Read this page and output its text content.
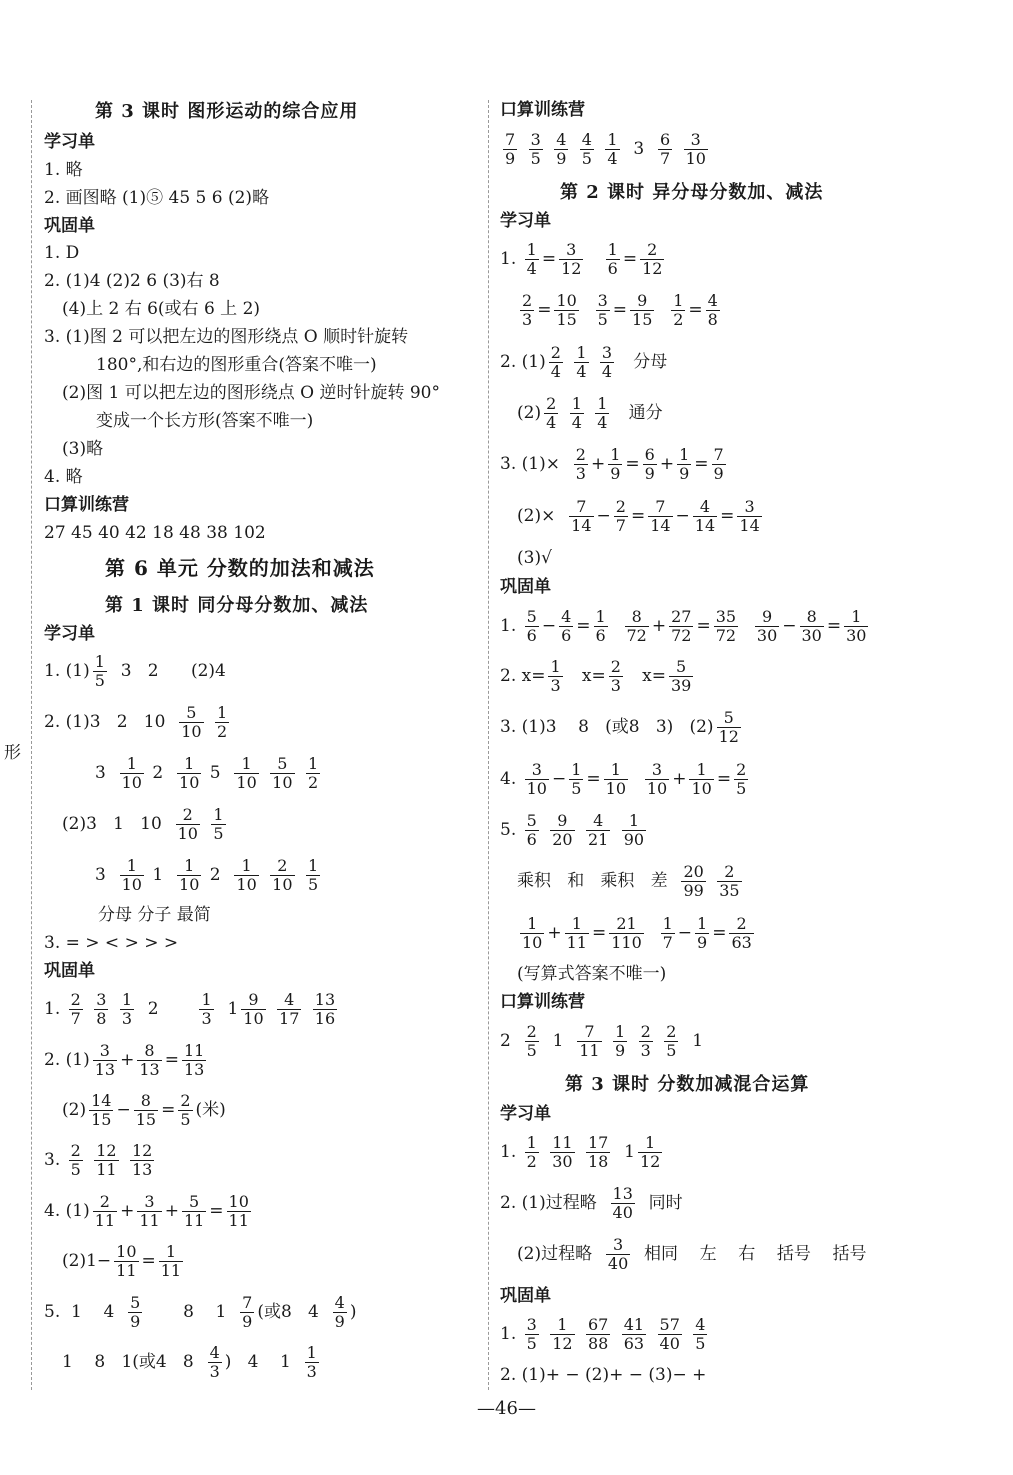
形
第 3 课时 图形运动的综合应用
学习单
1. 略
2. 画图略 (1)⑤ 45 5 6 (2)略
巩固单
1. D
2. (1)4 (2)2 6 (3)右 8
(4)上 2 右 6(或右 6 上 2)
3. (1)图 2 可以把左边的图形绕点 O 顺时针旋转
180°,和右边的图形重合(答案不唯一)
(2)图 1 可以把左边的图形绕点 O 逆时针旋转 90°
变成一个长方形(答案不唯一)
(3)略
4. 略
口算训练营
27 45 40 42 18 48 38 102
第 6 单元 分数的加法和减法
第 1 课时 同分母分数加、减法
学习单
1. $(1) \frac{1}{5} 3$   2      (2)4
2. (1)3   2   $10 \frac{5}{10}$
$\frac{1}{2}$
$3 \frac{1}{10} 2 \frac{1}{10} 5 \frac{1}{10}$
$\frac{5}{10}$
$\frac{1}{2}$
(2)3   1   $10 \frac{2}{10}$
$\frac{1}{5}$
$3 \frac{1}{10} 1 \frac{1}{10} 2 \frac{1}{10}$
$\frac{2}{10}$
$\frac{1}{5}$
分母 分子 最简
3. = > < > > >
巩固单
1. $\frac{2}{7}$
$\frac{3}{8}$
$\frac{1}{3} 2 \frac{1}{3} 1 \frac{9}{10}$
$\frac{4}{17}$
$\frac{13}{16}$
2. $(1) \frac{3}{13} + \frac{8}{13} = \frac{11}{13}$
$(2) \frac{14}{15} - \frac{8}{15} = \frac{2}{5}$ (米)
3. $\frac{2}{5}$
$\frac{12}{11}$
$\frac{12}{13}$
4. $(1) \frac{2}{11} + \frac{3}{11} + \frac{5}{11} = \frac{10}{11}$
$(2)1- \frac{10}{11} = \frac{1}{11}$
5.  1    $4 \frac{5}{9} 8$    $1 \frac{7}{9}$ (或8   $4 \frac{4}{9}$ )
1    8   1(或4   $8 \frac{4}{3}$ )   4    $1 \frac{1}{3}$
口算训练营
$\frac{7}{9}$
$\frac{3}{5}$
$\frac{4}{9}$
$\frac{4}{5}$
$\frac{1}{4} 3 \frac{6}{7}$
$\frac{3}{10}$
第 2 课时 异分母分数加、减法
学习单
1. $\frac{1}{4} = \frac{3}{12}$
$\frac{1}{6} = \frac{2}{12}$
$\frac{2}{3} = \frac{10}{15}$
$\frac{3}{5} = \frac{9}{15}$
$\frac{1}{2} = \frac{4}{8}$
2. $(1) \frac{2}{4}$
$\frac{1}{4}$
$\frac{3}{4}$ 分母
$(2) \frac{2}{4}$
$\frac{1}{4}$
$\frac{1}{4}$ 通分
3. $(1)\times \frac{2}{3} + \frac{1}{9} = \frac{6}{9} + \frac{1}{9} = \frac{7}{9}$
$(2)\times \frac{7}{14} - \frac{2}{7} = \frac{7}{14} - \frac{4}{14} = \frac{3}{14}$
(3)√
巩固单
1. $\frac{5}{6} - \frac{4}{6} = \frac{1}{6}$
$\frac{8}{72} + \frac{27}{72} = \frac{35}{72}$
$\frac{9}{30} - \frac{8}{30} = \frac{1}{30}$
2. $x= \frac{1}{3} x= \frac{2}{3} x= \frac{5}{39}$
3. (1)3    8   (或8   3)   $(2) \frac{5}{12}$
4. $\frac{3}{10} - \frac{1}{5} = \frac{1}{10}$
$\frac{3}{10} + \frac{1}{10} = \frac{2}{5}$
5. $\frac{5}{6}$
$\frac{9}{20}$
$\frac{4}{21}$
$\frac{1}{90}$
乘积   和   乘积   差 $\frac{20}{99}$
$\frac{2}{35}$
$\frac{1}{10} + \frac{1}{11} = \frac{21}{110}$
$\frac{1}{7} - \frac{1}{9} = \frac{2}{63}$
(写算式答案不唯一)
口算训练营
$2 \frac{2}{5} 1 \frac{7}{11}$
$\frac{1}{9}$
$\frac{2}{3}$
$\frac{2}{5} 1$
第 3 课时 分数加减混合运算
学习单
1. $\frac{1}{2}$
$\frac{11}{30}$
$\frac{17}{18} 1 \frac{1}{12}$
2. (1)过程略 $\frac{13}{40}$ 同时
(2)过程略 $\frac{3}{40}$ 相同    左    右    括号    括号
巩固单
1. $\frac{3}{5}$
$\frac{1}{12}$
$\frac{67}{88}$
$\frac{41}{63}$
$\frac{57}{40}$
$\frac{4}{5}$
2. (1)+ − (2)+ − (3)− +
—46—
